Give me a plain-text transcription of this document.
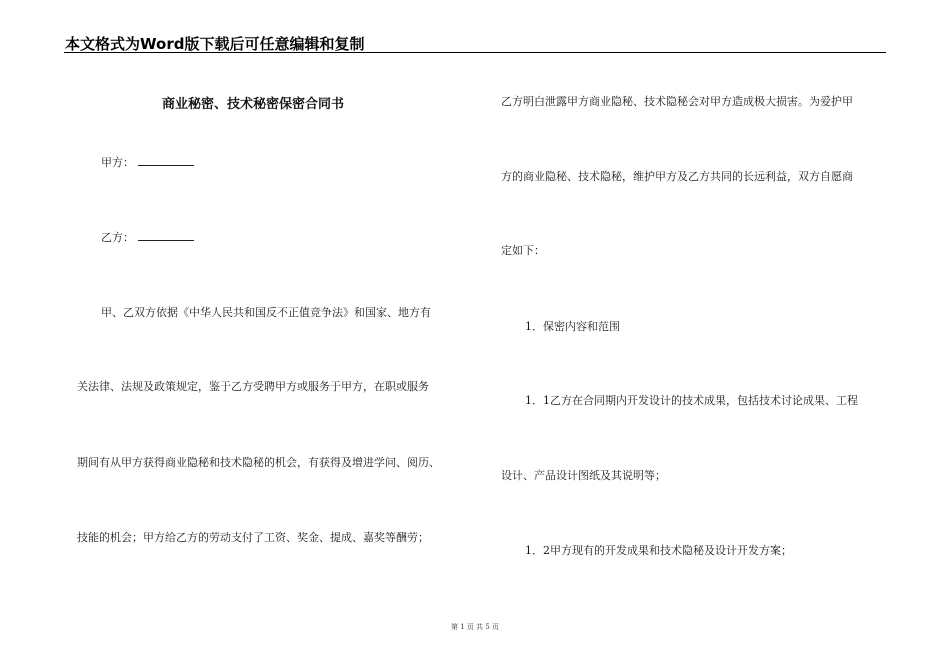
本文格式为Word版下载后可任意编辑和复制
商业秘密、技术秘密保密合同书
甲方：
乙方：
甲、乙双方依据《中华人民共和国反不正值竞争法》和国家、地方有
关法律、法规及政策规定，鉴于乙方受聘甲方或服务于甲方，在职或服务
期间有从甲方获得商业隐秘和技术隐秘的机会，有获得及增进学问、阅历、
技能的机会；甲方给乙方的劳动支付了工资、奖金、提成、嘉奖等酬劳；
乙方明白泄露甲方商业隐秘、技术隐秘会对甲方造成极大损害。为爱护甲
方的商业隐秘、技术隐秘，维护甲方及乙方共同的长远利益，双方自愿商
定如下：
1．保密内容和范围
1．1乙方在合同期内开发设计的技术成果，包括技术讨论成果、工程
设计、产品设计图纸及其说明等；
1．2甲方现有的开发成果和技术隐秘及设计开发方案；
第 1 页 共 5 页
